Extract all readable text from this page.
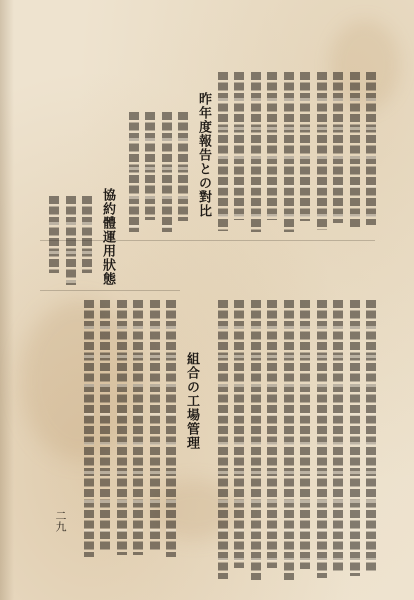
昨年度報告との對比
協約體運用狀態
組合の工場管理
二九
